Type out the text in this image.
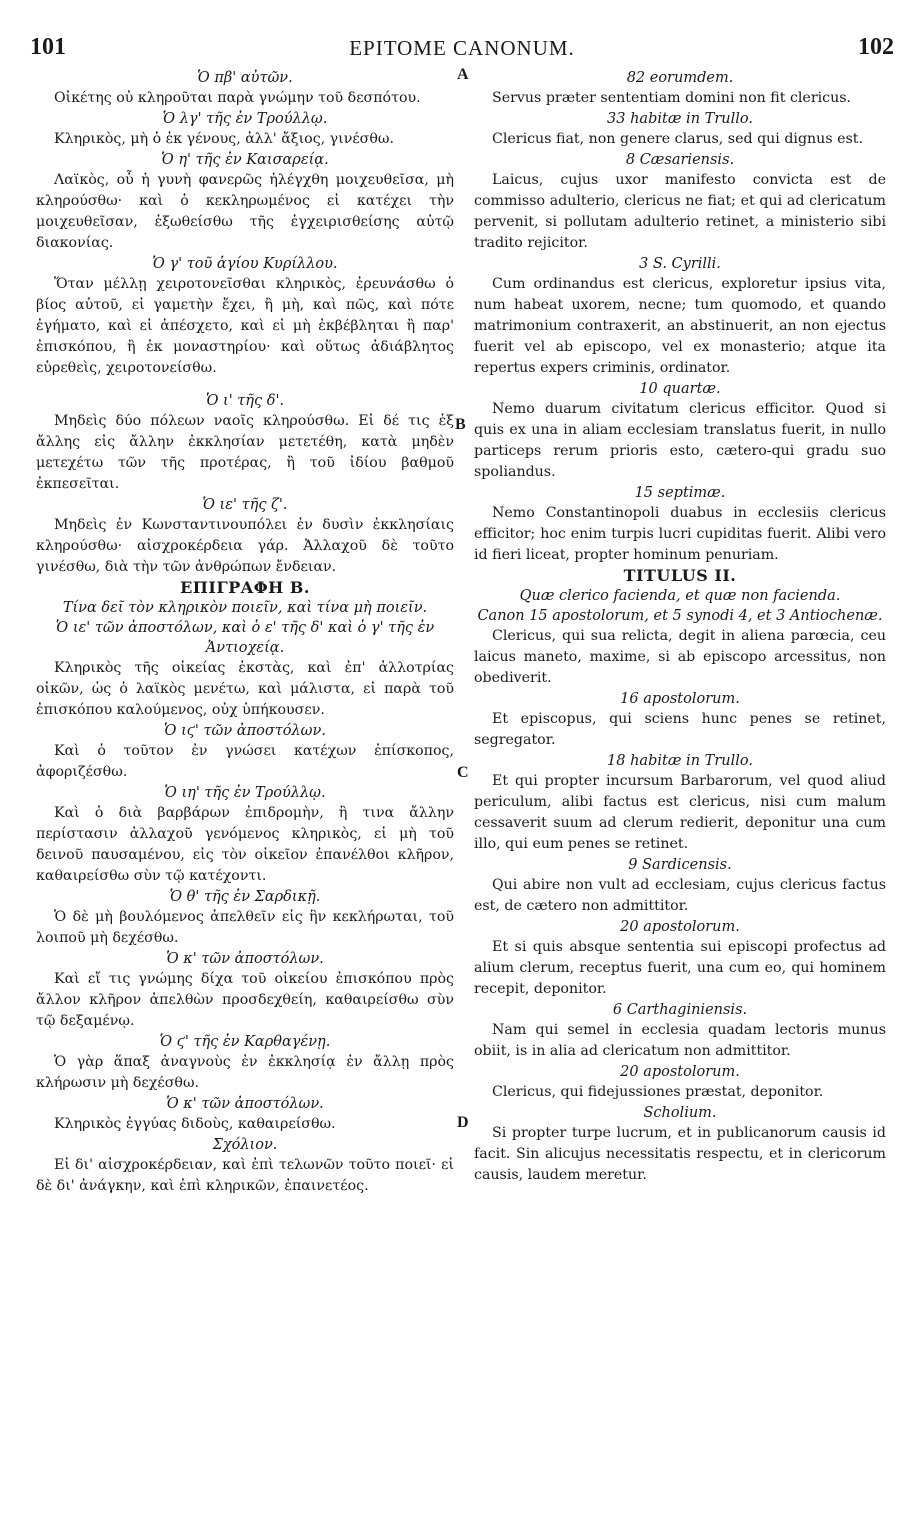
101	EPITOME CANONUM.	102

Ὁ πβ' αὐτῶν.

Οἰκέτης οὐ κληροῦται παρὰ γνώμην τοῦ δεσπότου.

Ὁ λγ' τῆς ἐν Τρούλλῳ.

Κληρικὸς, μὴ ὁ ἐκ γένους, ἀλλ' ἄξιος, γινέσθω.

Ὁ η' τῆς ἐν Καισαρείᾳ.

Λαϊκὸς, οὗ ἡ γυνὴ φανερῶς ἠλέγχθη μοιχευθεῖσα, μὴ κληρούσθω· καὶ ὁ κεκληρωμένος εἰ κατέχει τὴν μοιχευθεῖσαν, ἐξωθείσθω τῆς ἐγχειρισθείσης αὐτῷ διακονίας.

Ὁ γ' τοῦ ἁγίου Κυρίλλου.

Ὅταν μέλλῃ χειροτονεῖσθαι κληρικὸς, ἐρευνάσθω ὁ βίος αὐτοῦ, εἰ γαμετὴν ἔχει, ἢ μὴ, καὶ πῶς, καὶ πότε ἐγήματο, καὶ εἰ ἀπέσχετο, καὶ εἰ μὴ ἐκβέβληται ἢ παρ' ἐπισκόπου, ἢ ἐκ μοναστηρίου· καὶ οὕτως ἀδιάβλητος εὑρεθεὶς, χειροτονείσθω.

Ὁ ι' τῆς δ'.

Μηδεὶς δύο πόλεων ναοῖς κληρούσθω. Εἰ δέ τις ἐξ ἄλλης εἰς ἄλλην ἐκκλησίαν μετετέθη, κατὰ μηδὲν μετεχέτω τῶν τῆς προτέρας, ἢ τοῦ ἰδίου βαθμοῦ ἐκπεσεῖται.

Ὁ ιε' τῆς ζ'.

Μηδεὶς ἐν Κωνσταντινουπόλει ἐν δυσὶν ἐκκλησίαις κληρούσθω· αἰσχροκέρδεια γάρ. Ἀλλαχοῦ δὲ τοῦτο γινέσθω, διὰ τὴν τῶν ἀνθρώπων ἔνδειαν.

ΕΠΙΓΡΑΦΗ Β.

Τίνα δεῖ τὸν κληρικὸν ποιεῖν, καὶ τίνα μὴ ποιεῖν.

Ὁ ιε' τῶν ἀποστόλων, καὶ ὁ ε' τῆς δ' καὶ ὁ γ' τῆς ἐν Ἀντιοχείᾳ.

Κληρικὸς τῆς οἰκείας ἐκστὰς, καὶ ἐπ' ἀλλοτρίας οἰκῶν, ὡς ὁ λαϊκὸς μενέτω, καὶ μάλιστα, εἰ παρὰ τοῦ ἐπισκόπου καλούμενος, οὐχ ὑπήκουσεν.

Ὁ ιϛ' τῶν ἀποστόλων.

Καὶ ὁ τοῦτον ἐν γνώσει κατέχων ἐπίσκοπος, ἀφοριζέσθω.

Ὁ ιη' τῆς ἐν Τρούλλῳ.

Καὶ ὁ διὰ βαρβάρων ἐπιδρομὴν, ἢ τινα ἄλλην περίστασιν ἀλλαχοῦ γενόμενος κληρικὸς, εἰ μὴ τοῦ δεινοῦ παυσαμένου, εἰς τὸν οἰκεῖον ἐπανέλθοι κλῆρον, καθαιρείσθω σὺν τῷ κατέχοντι.

Ὁ θ' τῆς ἐν Σαρδικῇ.

Ὁ δὲ μὴ βουλόμενος ἀπελθεῖν εἰς ἣν κεκλήρωται, τοῦ λοιποῦ μὴ δεχέσθω.

Ὁ κ' τῶν ἀποστόλων.

Καὶ εἴ τις γνώμης δίχα τοῦ οἰκείου ἐπισκόπου πρὸς ἄλλον κλῆρον ἀπελθὼν προσδεχθείη, καθαιρείσθω σὺν τῷ δεξαμένῳ.

Ὁ ϛ' τῆς ἐν Καρθαγένῃ.

Ὁ γὰρ ἅπαξ ἀναγνοὺς ἐν ἐκκλησίᾳ ἐν ἄλλῃ πρὸς κλήρωσιν μὴ δεχέσθω.

Ὁ κ' τῶν ἀποστόλων.

Κληρικὸς ἐγγύας διδοὺς, καθαιρείσθω.

Σχόλιον.

Εἰ δι' αἰσχροκέρδειαν, καὶ ἐπὶ τελωνῶν τοῦτο ποιεῖ· εἰ δὲ δι' ἀνάγκην, καὶ ἐπὶ κληρικῶν, ἐπαινετέος.

82 eorumdem.

Servus præter sententiam domini non fit clericus.

33 habitæ in Trullo.

Clericus fiat, non genere clarus, sed qui dignus est.

8 Cæsariensis.

Laicus, cujus uxor manifesto convicta est de commisso adulterio, clericus ne fiat; et qui ad clericatum pervenit, si pollutam adulterio retinet, a ministerio sibi tradito rejicitor.

3 S. Cyrilli.

Cum ordinandus est clericus, exploretur ipsius vita, num habeat uxorem, necne; tum quomodo, et quando matrimonium contraxerit, an abstinuerit, an non ejectus fuerit vel ab episcopo, vel ex monasterio; atque ita repertus expers criminis, ordinator.

10 quartæ.

Nemo duarum civitatum clericus efficitor. Quod si quis ex una in aliam ecclesiam translatus fuerit, in nullo particeps rerum prioris esto, cætero-qui gradu suo spoliandus.

15 septimæ.

Nemo Constantinopoli duabus in ecclesiis clericus efficitor; hoc enim turpis lucri cupiditas fuerit. Alibi vero id fieri liceat, propter hominum penuriam.

TITULUS II.

Quæ clerico facienda, et quæ non facienda.

Canon 15 apostolorum, et 5 synodi 4, et 3 Antiochenæ.

Clericus, qui sua relicta, degit in aliena parœcia, ceu laicus maneto, maxime, si ab episcopo arcessitus, non obediverit.

16 apostolorum.

Et episcopus, qui sciens hunc penes se retinet, segregator.

18 habitæ in Trullo.

Et qui propter incursum Barbarorum, vel quod aliud periculum, alibi factus est clericus, nisi cum malum cessaverit suum ad clerum redierit, deponitur una cum illo, qui eum penes se retinet.

9 Sardicensis.

Qui abire non vult ad ecclesiam, cujus clericus factus est, de cætero non admittitor.

20 apostolorum.

Et si quis absque sententia sui episcopi profectus ad alium clerum, receptus fuerit, una cum eo, qui hominem recepit, deponitor.

6 Carthaginiensis.

Nam qui semel in ecclesia quadam lectoris munus obiit, is in alia ad clericatum non admittitor.

20 apostolorum.

Clericus, qui fidejussiones præstat, deponitor.

Scholium.

Si propter turpe lucrum, et in publicanorum causis id facit. Sin alicujus necessitatis respectu, et in clericorum causis, laudem meretur.

A
B
C
D
